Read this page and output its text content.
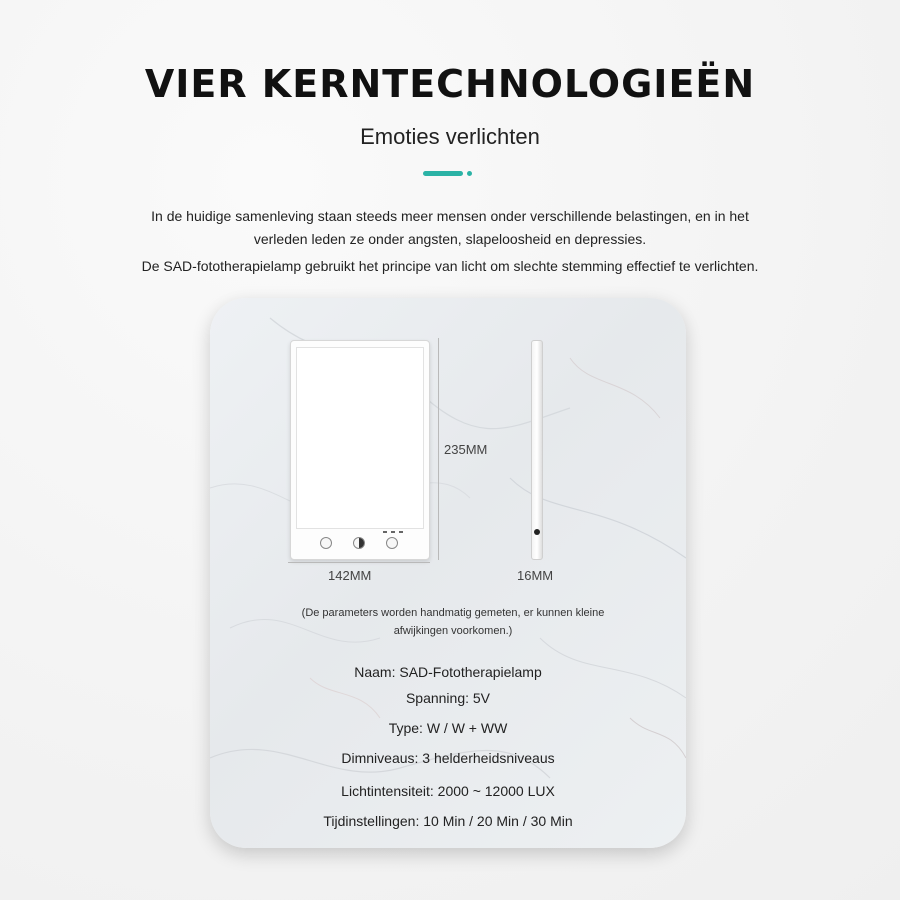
VIER KERNTECHNOLOGIEËN
Emoties verlichten
In de huidige samenleving staan steeds meer mensen onder verschillende belastingen, en in het
verleden leden ze onder angsten, slapeloosheid en depressies.
De SAD-fototherapielamp gebruikt het principe van licht om slechte stemming effectief te verlichten.
235MM
142MM	16MM
(De parameters worden handmatig gemeten, er kunnen kleine
afwijkingen voorkomen.)
Naam: SAD-Fototherapielamp
Spanning: 5V
Type: W / W + WW
Dimniveaus: 3 helderheidsniveaus
Lichtintensiteit: 2000 ~ 12000 LUX
Tijdinstellingen: 10 Min / 20 Min / 30 Min
